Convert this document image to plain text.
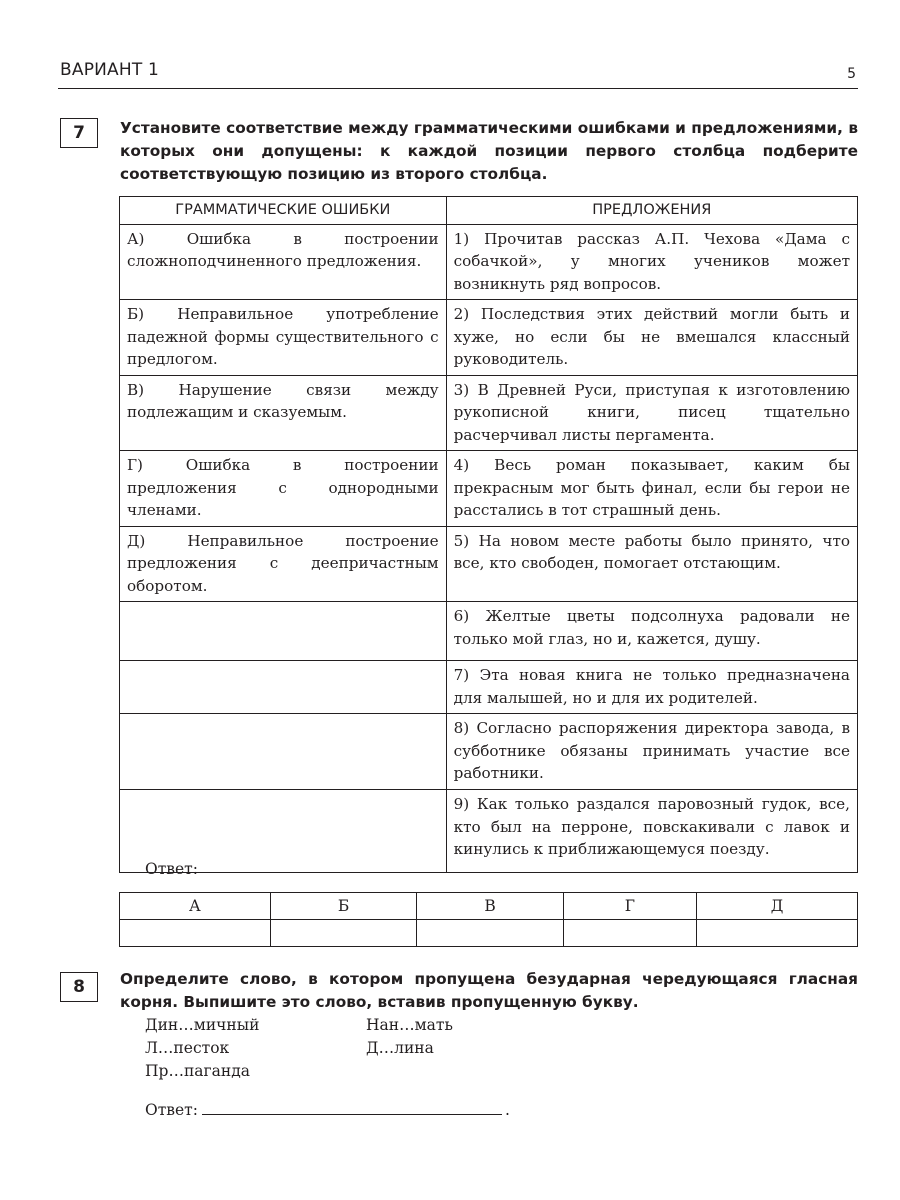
ВАРИАНТ 1	5
7	Установите соответствие между грамматическими ошибками и предложениями, в которых они допущены: к каждой позиции первого столбца подберите соответствующую позицию из второго столбца.
ГРАММАТИЧЕСКИЕ ОШИБКИ	ПРЕДЛОЖЕНИЯ
А) Ошибка в построении сложноподчиненного предложения.	1) Прочитав рассказ А.П. Чехова «Дама с собачкой», у многих учеников может возникнуть ряд вопросов.
Б) Неправильное употребление падежной формы существительного с предлогом.	2) Последствия этих действий могли быть и хуже, но если бы не вмешался классный руководитель.
В) Нарушение связи между подлежащим и сказуемым.	3) В Древней Руси, приступая к изготовлению рукописной книги, писец тщательно расчерчивал листы пергамента.
Г) Ошибка в построении предложения с однородными членами.	4) Весь роман показывает, каким бы прекрасным мог быть финал, если бы герои не расстались в тот страшный день.
Д) Неправильное построение предложения с деепричастным оборотом.	5) На новом месте работы было принято, что все, кто свободен, помогает отстающим.
	6) Желтые цветы подсолнуха радовали не только мой глаз, но и, кажется, душу.
	7) Эта новая книга не только предназначена для малышей, но и для их родителей.
	8) Согласно распоряжения директора завода, в субботнике обязаны принимать участие все работники.
	9) Как только раздался паровозный гудок, все, кто был на перроне, повскакивали с лавок и кинулись к приближающемуся поезду.
Ответ:
А	Б	В	Г	Д

8	Определите слово, в котором пропущена безударная чередующаяся гласная корня. Выпишите это слово, вставив пропущенную букву.
Дин…мичный	Нан…мать
Л…песток	Д…лина
Пр…паганда
Ответ:	.
